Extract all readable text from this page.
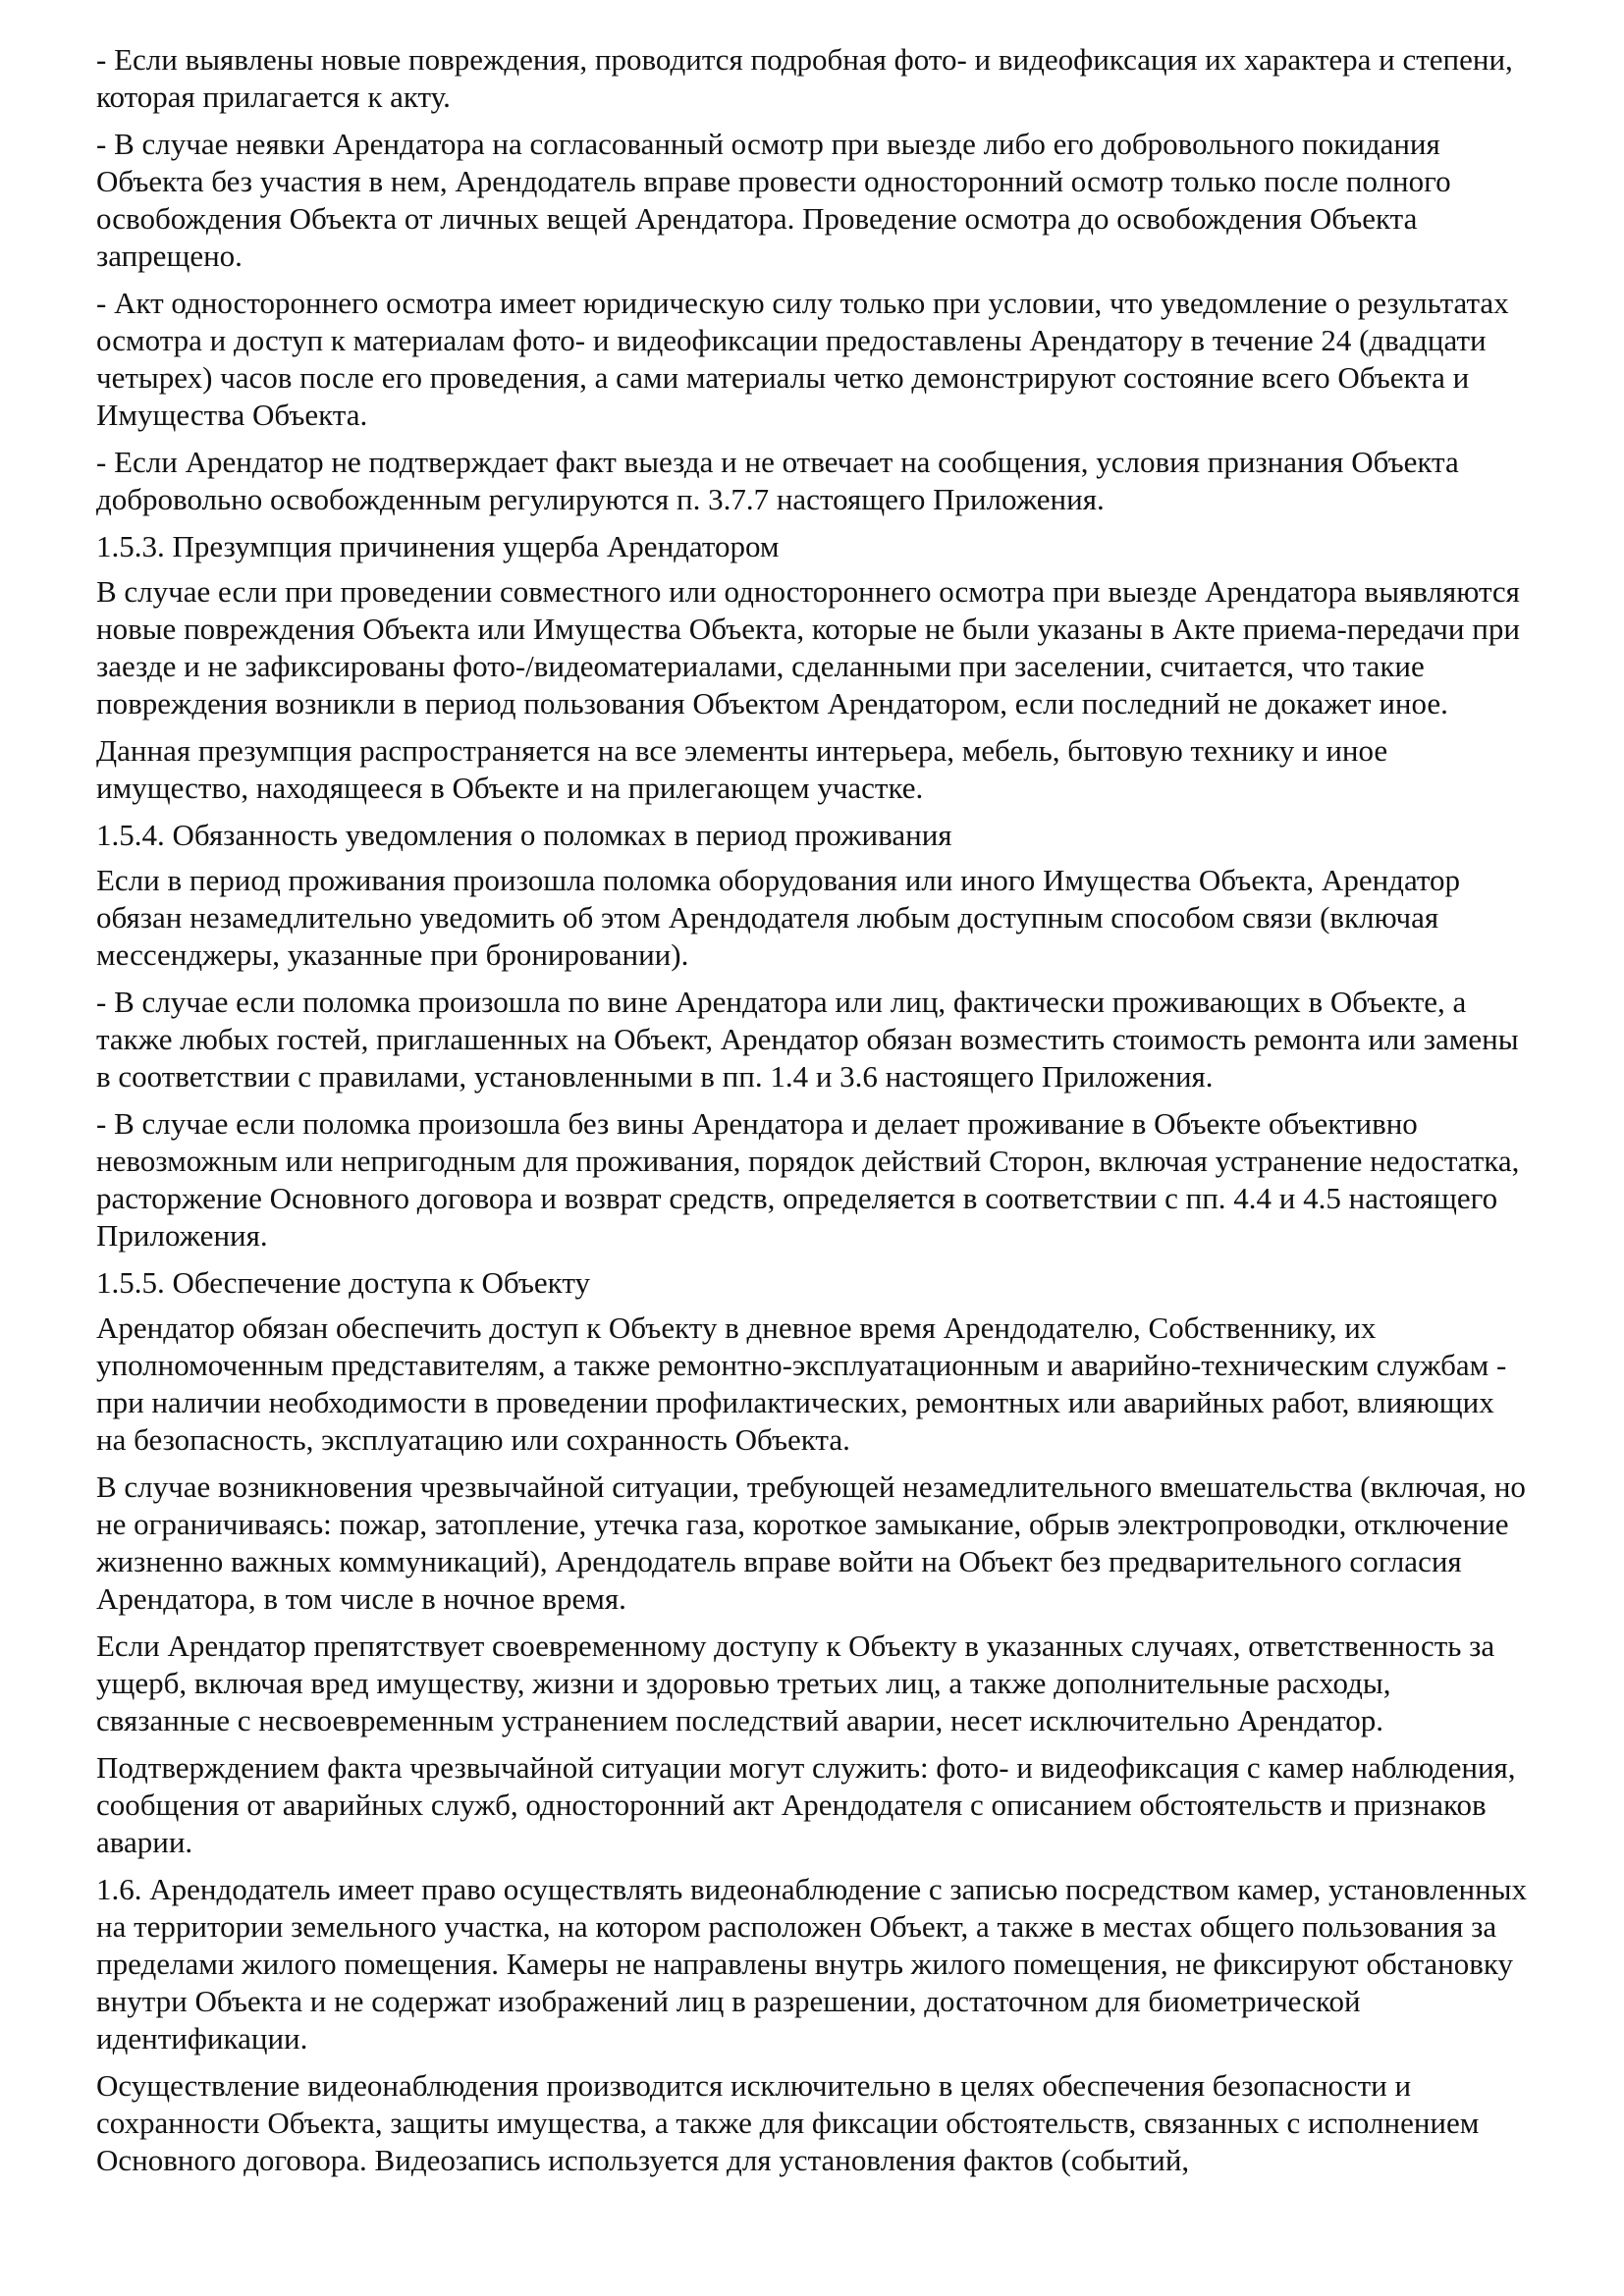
- Если выявлены новые повреждения, проводится подробная фото- и видеофиксация их характера и степени, которая прилагается к акту.

- В случае неявки Арендатора на согласованный осмотр при выезде либо его добровольного покидания Объекта без участия в нем, Арендодатель вправе провести односторонний осмотр только после полного освобождения Объекта от личных вещей Арендатора. Проведение осмотра до освобождения Объекта запрещено.

- Акт одностороннего осмотра имеет юридическую силу только при условии, что уведомление о результатах осмотра и доступ к материалам фото- и видеофиксации предоставлены Арендатору в течение 24 (двадцати четырех) часов после его проведения, а сами материалы четко демонстрируют состояние всего Объекта и Имущества Объекта.

- Если Арендатор не подтверждает факт выезда и не отвечает на сообщения, условия признания Объекта добровольно освобожденным регулируются п. 3.7.7 настоящего Приложения.

1.5.3. Презумпция причинения ущерба Арендатором

В случае если при проведении совместного или одностороннего осмотра при выезде Арендатора выявляются новые повреждения Объекта или Имущества Объекта, которые не были указаны в Акте приема-передачи при заезде и не зафиксированы фото-/видеоматериалами, сделанными при заселении, считается, что такие повреждения возникли в период пользования Объектом Арендатором, если последний не докажет иное.

Данная презумпция распространяется на все элементы интерьера, мебель, бытовую технику и иное имущество, находящееся в Объекте и на прилегающем участке.

1.5.4. Обязанность уведомления о поломках в период проживания

Если в период проживания произошла поломка оборудования или иного Имущества Объекта, Арендатор обязан незамедлительно уведомить об этом Арендодателя любым доступным способом связи (включая мессенджеры, указанные при бронировании).

- В случае если поломка произошла по вине Арендатора или лиц, фактически проживающих в Объекте, а также любых гостей, приглашенных на Объект, Арендатор обязан возместить стоимость ремонта или замены в соответствии с правилами, установленными в пп. 1.4 и 3.6 настоящего Приложения.

- В случае если поломка произошла без вины Арендатора и делает проживание в Объекте объективно невозможным или непригодным для проживания, порядок действий Сторон, включая устранение недостатка, расторжение Основного договора и возврат средств, определяется в соответствии с пп. 4.4 и 4.5 настоящего Приложения.

1.5.5. Обеспечение доступа к Объекту

Арендатор обязан обеспечить доступ к Объекту в дневное время Арендодателю, Собственнику, их уполномоченным представителям, а также ремонтно-эксплуатационным и аварийно-техническим службам - при наличии необходимости в проведении профилактических, ремонтных или аварийных работ, влияющих на безопасность, эксплуатацию или сохранность Объекта.

В случае возникновения чрезвычайной ситуации, требующей незамедлительного вмешательства (включая, но не ограничиваясь: пожар, затопление, утечка газа, короткое замыкание, обрыв электропроводки, отключение жизненно важных коммуникаций), Арендодатель вправе войти на Объект без предварительного согласия Арендатора, в том числе в ночное время.

Если Арендатор препятствует своевременному доступу к Объекту в указанных случаях, ответственность за ущерб, включая вред имуществу, жизни и здоровью третьих лиц, а также дополнительные расходы, связанные с несвоевременным устранением последствий аварии, несет исключительно Арендатор.

Подтверждением факта чрезвычайной ситуации могут служить: фото- и видеофиксация с камер наблюдения, сообщения от аварийных служб, односторонний акт Арендодателя с описанием обстоятельств и признаков аварии.

1.6. Арендодатель имеет право осуществлять видеонаблюдение с записью посредством камер, установленных на территории земельного участка, на котором расположен Объект, а также в местах общего пользования за пределами жилого помещения. Камеры не направлены внутрь жилого помещения, не фиксируют обстановку внутри Объекта и не содержат изображений лиц в разрешении, достаточном для биометрической идентификации.

Осуществление видеонаблюдения производится исключительно в целях обеспечения безопасности и сохранности Объекта, защиты имущества, а также для фиксации обстоятельств, связанных с исполнением Основного договора. Видеозапись используется для установления фактов (событий,
